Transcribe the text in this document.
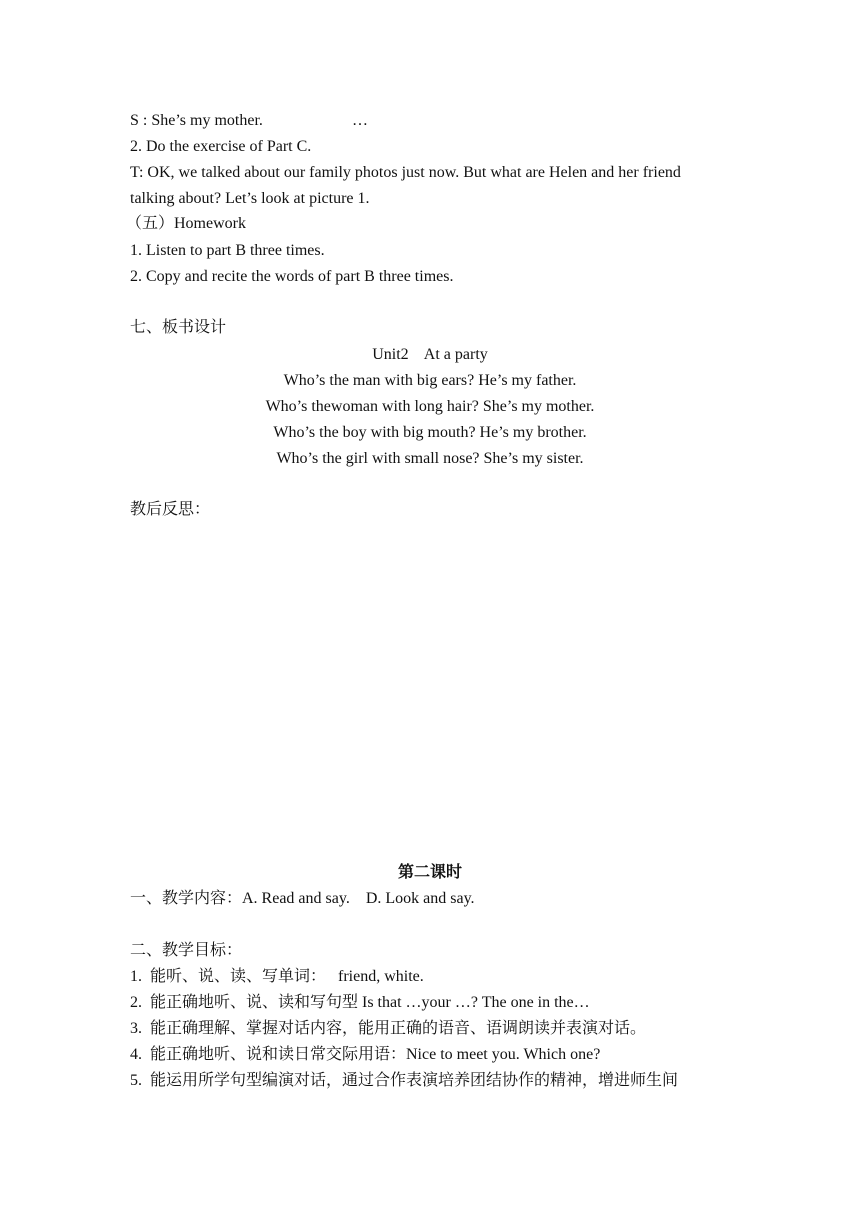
S : She’s my mother.	…
2. Do the exercise of Part C.
T: OK, we talked about our family photos just now. But what are Helen and her friend
talking about? Let’s look at picture 1.
（五）Homework
1. Listen to part B three times.
2. Copy and recite the words of part B three times.
七、板书设计
Unit2    At a party
Who’s the man with big ears? He’s my father.
Who’s thewoman with long hair? She’s my mother.
Who’s the boy with big mouth? He’s my brother.
Who’s the girl with small nose? She’s my sister.
教后反思：
第二课时
一、教学内容：A. Read and say.    D. Look and say.
二、教学目标：
1.  能听、说、读、写单词：   friend, white.
2.  能正确地听、说、读和写句型 Is that …your …? The one in the…
3.  能正确理解、掌握对话内容，能用正确的语音、语调朗读并表演对话。
4.  能正确地听、说和读日常交际用语：Nice to meet you. Which one?
5.  能运用所学句型编演对话，通过合作表演培养团结协作的精神，增进师生间
